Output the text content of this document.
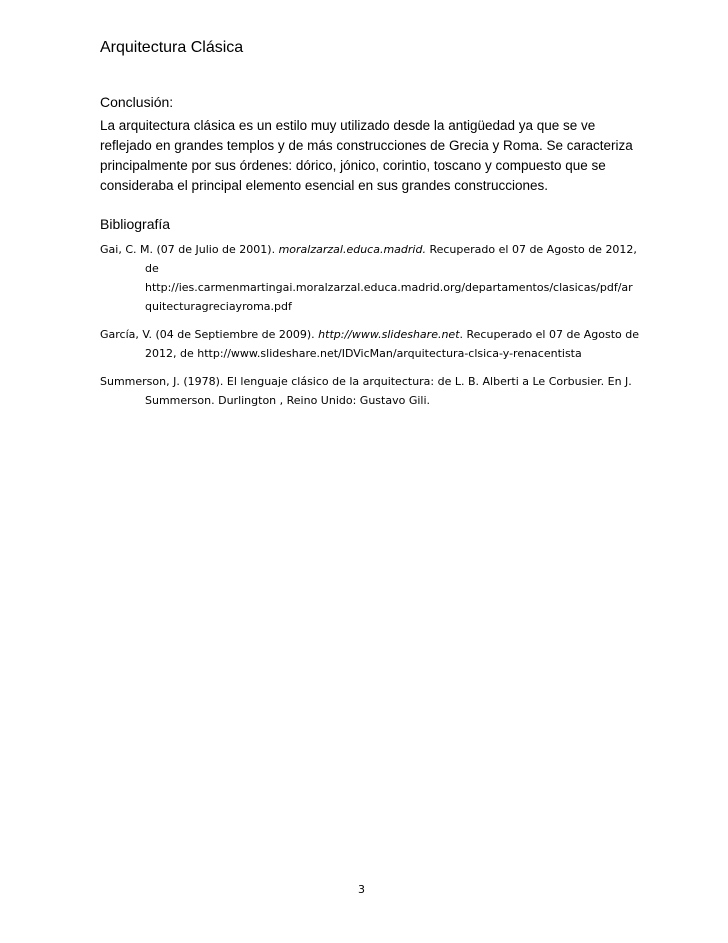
Arquitectura Clásica
Conclusión:
La arquitectura clásica es un estilo muy utilizado desde la antigüedad ya que se ve
reflejado en grandes templos y de más construcciones de Grecia y Roma. Se caracteriza
principalmente por sus órdenes: dórico, jónico, corintio, toscano y compuesto que se
consideraba el principal elemento esencial en sus grandes construcciones.
Bibliografía
Gai, C. M. (07 de Julio de 2001). moralzarzal.educa.madrid. Recuperado el 07 de Agosto de 2012,
de
http://ies.carmenmartingai.moralzarzal.educa.madrid.org/departamentos/clasicas/pdf/ar
quitecturagreciayroma.pdf
García, V. (04 de Septiembre de 2009). http://www.slideshare.net. Recuperado el 07 de Agosto de
2012, de http://www.slideshare.net/IDVicMan/arquitectura-clsica-y-renacentista
Summerson, J. (1978). El lenguaje clásico de la arquitectura: de L. B. Alberti a Le Corbusier. En J.
Summerson. Durlington , Reino Unido: Gustavo Gili.
3
